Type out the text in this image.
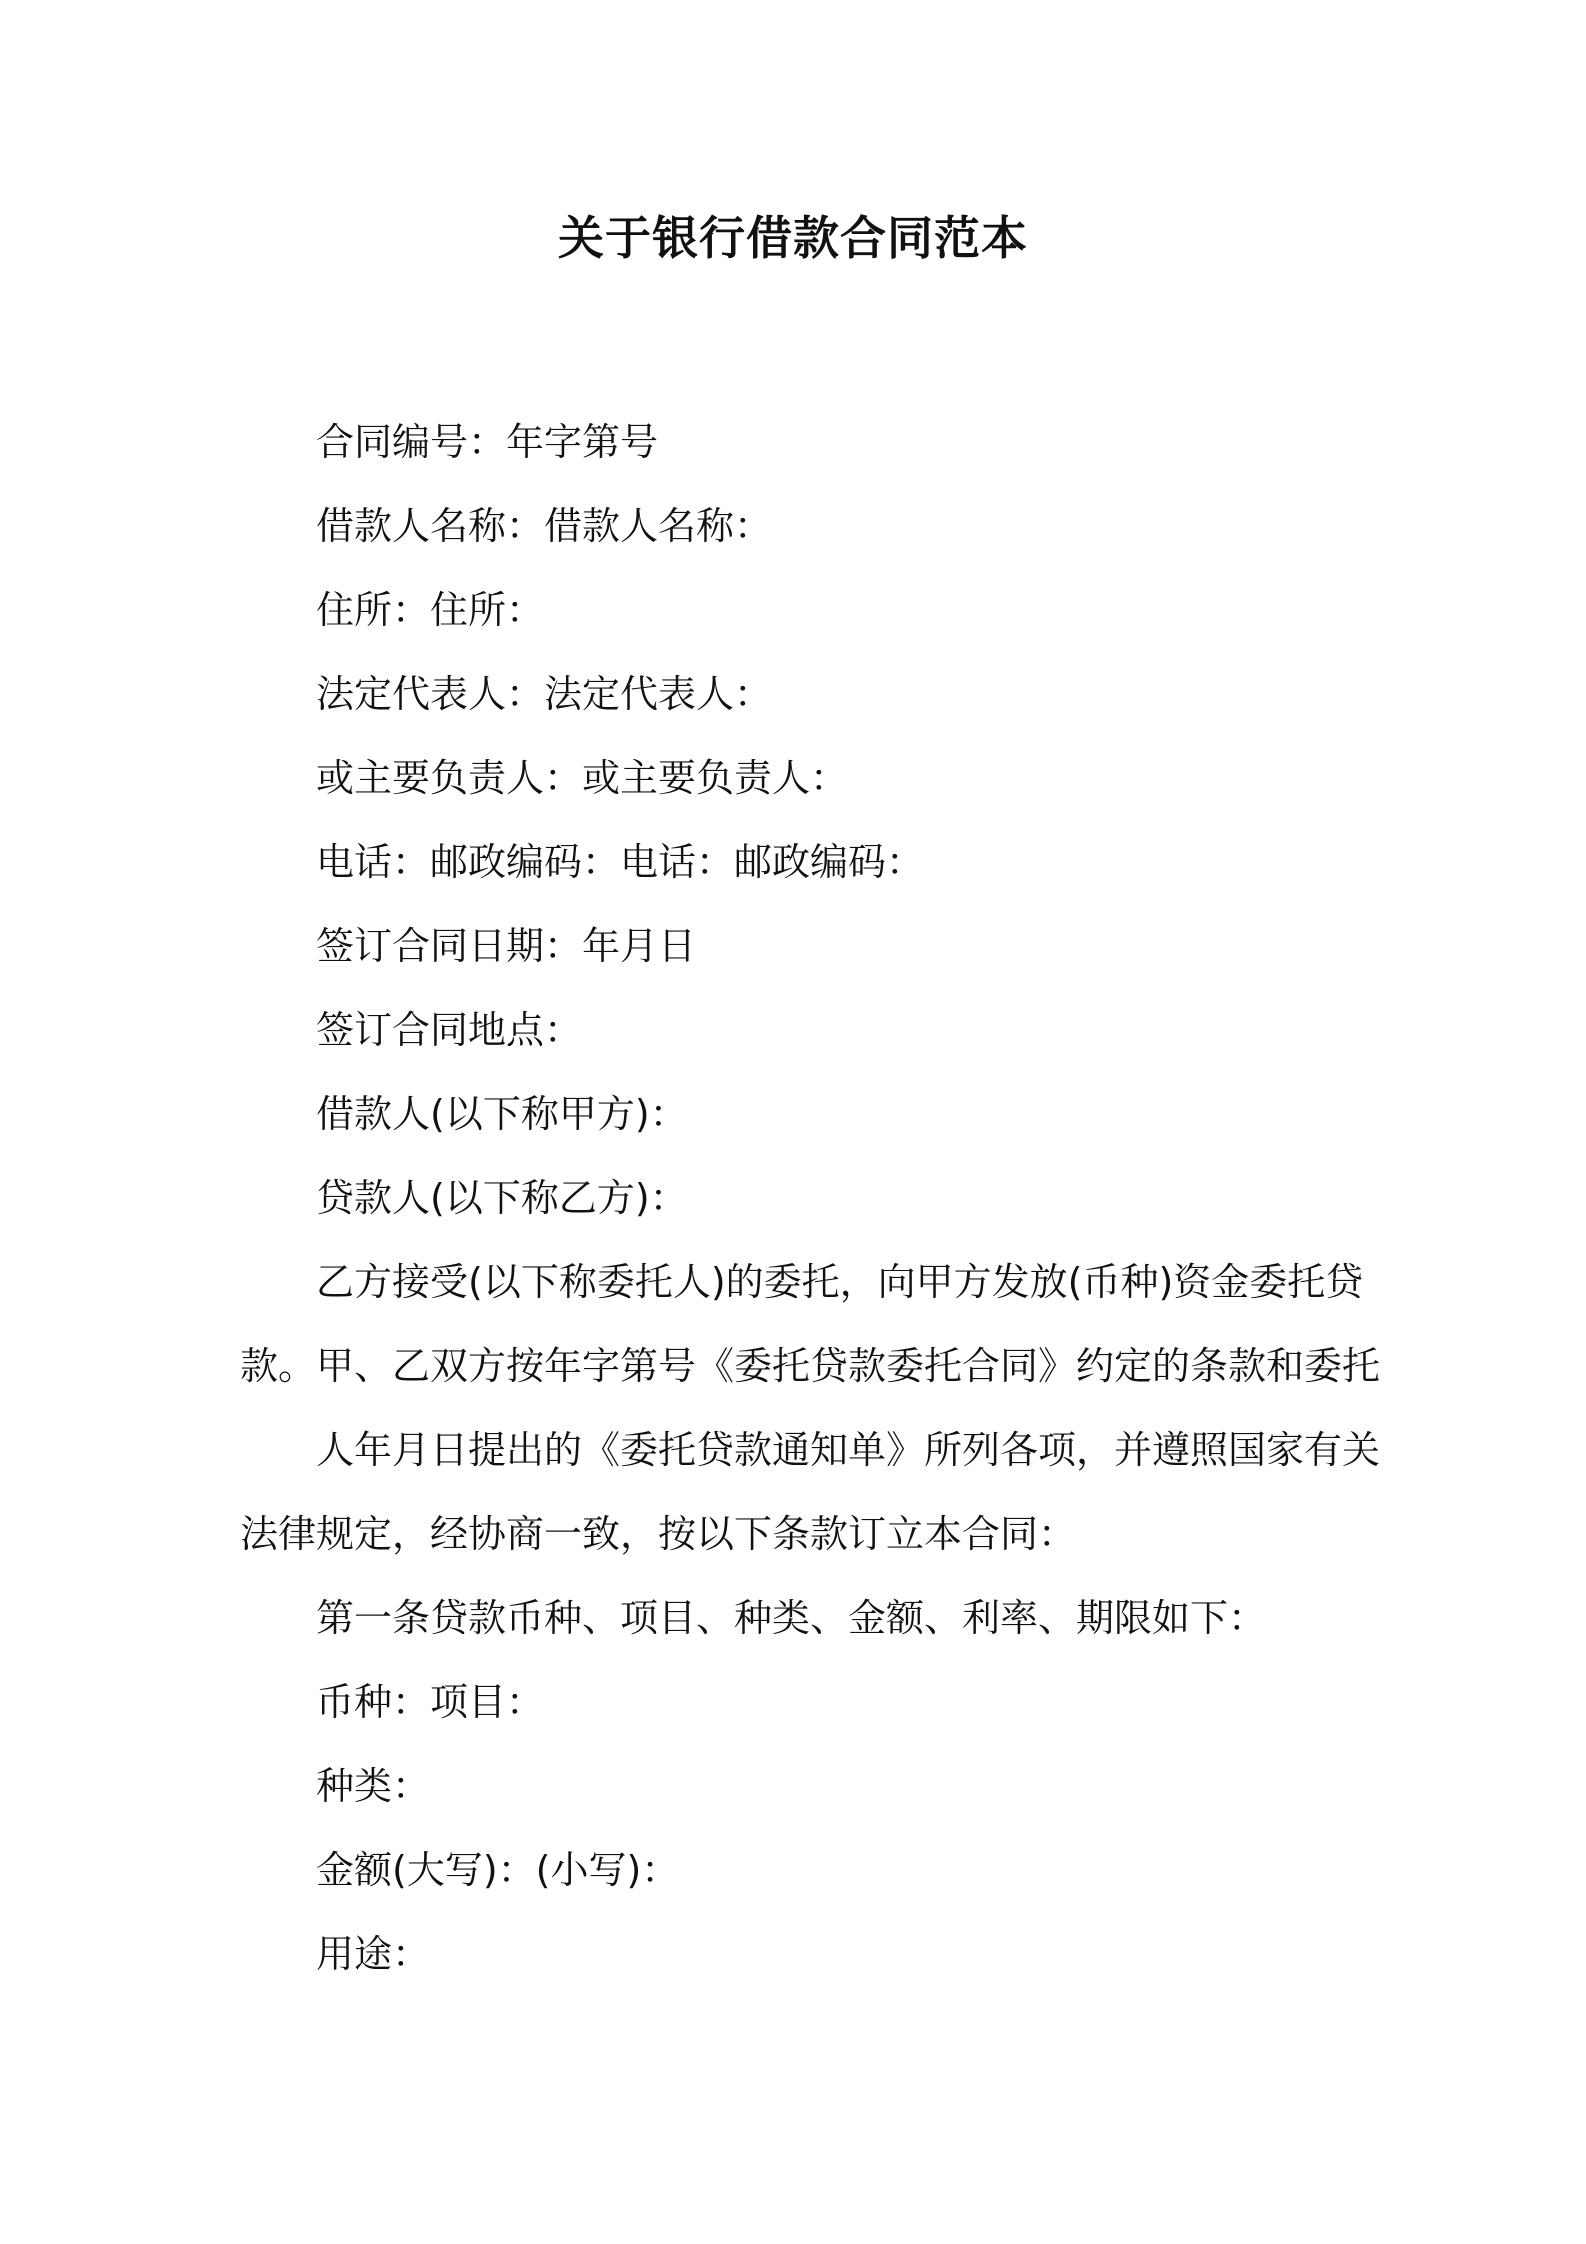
关于银行借款合同范本

合同编号：年字第号

借款人名称：借款人名称：

住所：住所：

法定代表人：法定代表人：

或主要负责人：或主要负责人：

电话：邮政编码：电话：邮政编码：

签订合同日期：年月日

签订合同地点：

借款人(以下称甲方)：

贷款人(以下称乙方)：

乙方接受(以下称委托人)的委托，向甲方发放(币种)资金委托贷

款。甲、乙双方按年字第号《委托贷款委托合同》约定的条款和委托

人年月日提出的《委托贷款通知单》所列各项，并遵照国家有关

法律规定，经协商一致，按以下条款订立本合同：

第一条贷款币种、项目、种类、金额、利率、期限如下：

币种：项目：

种类：

金额(大写)：(小写)：

用途：
